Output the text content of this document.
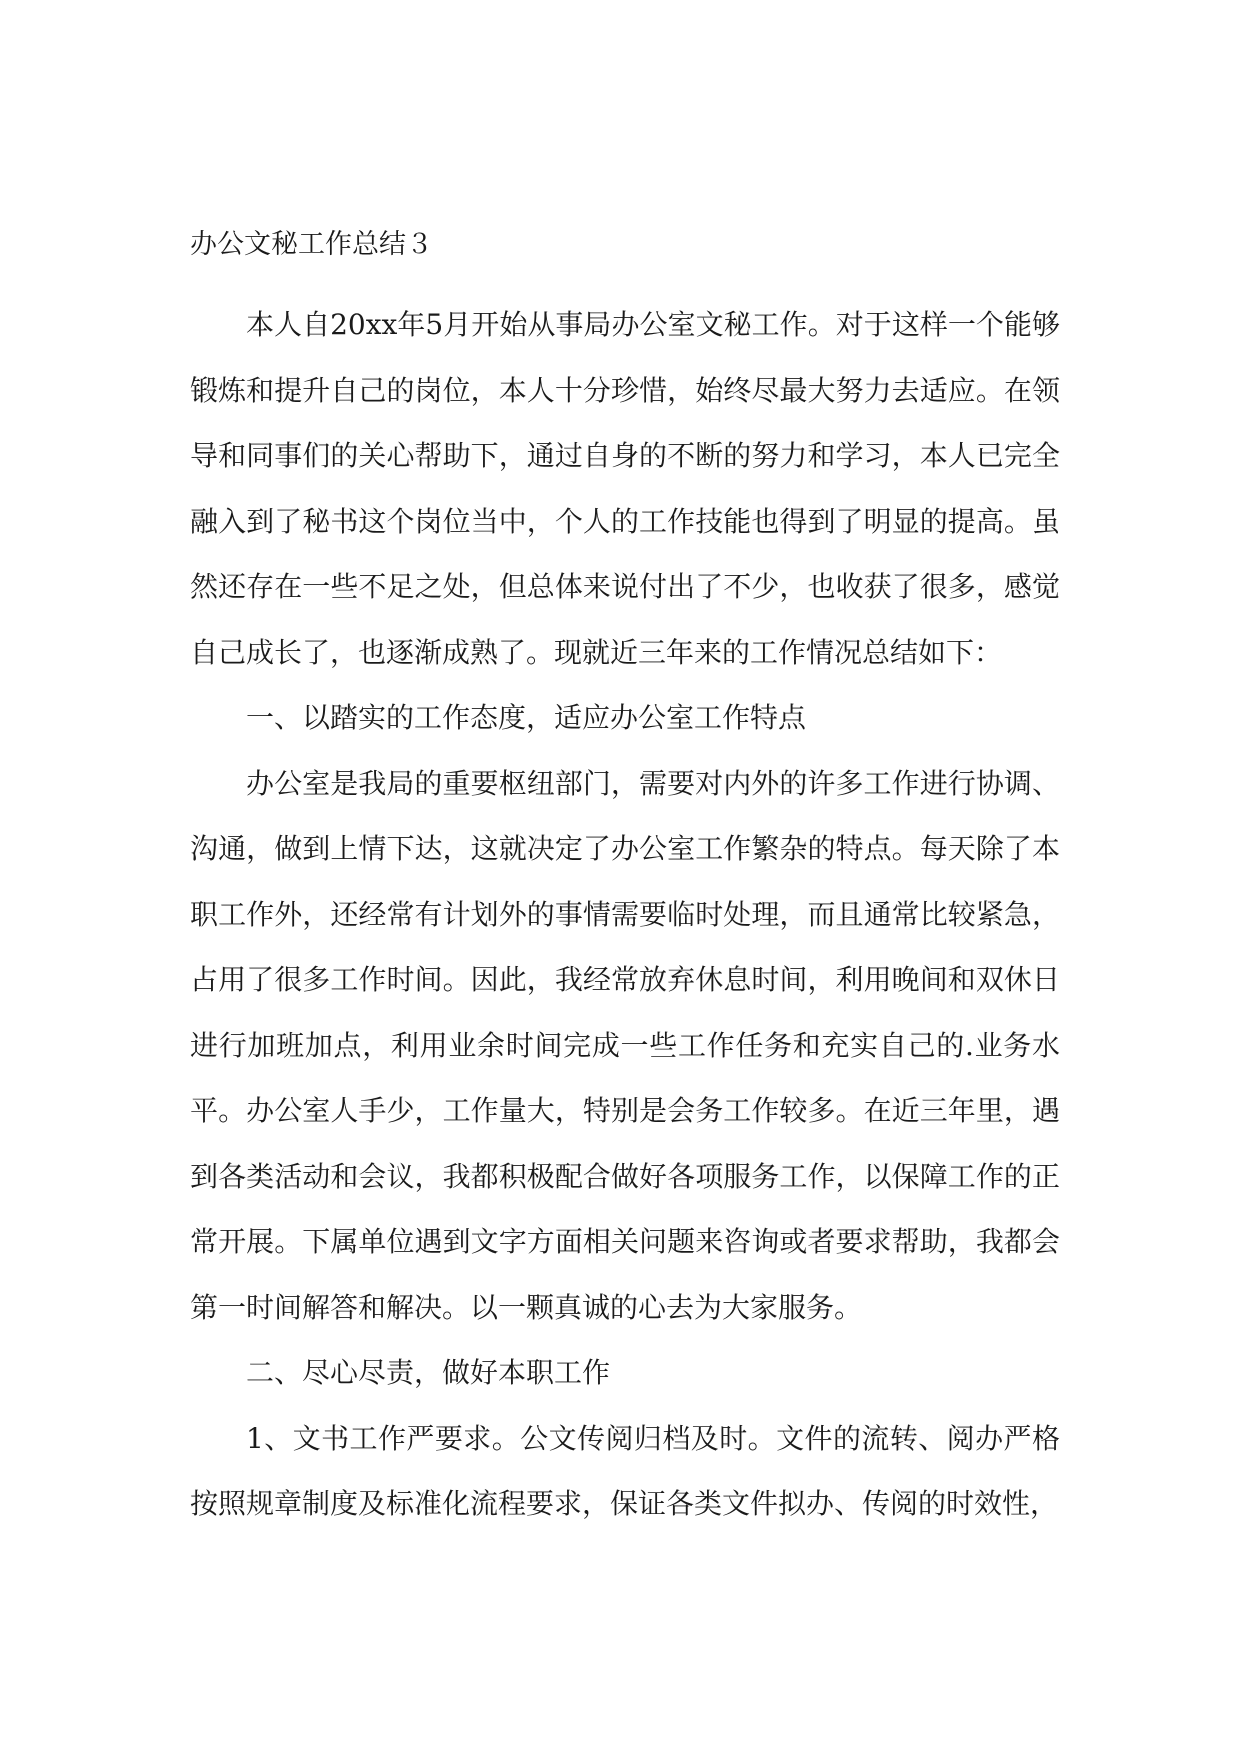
办公文秘工作总结３

本人自20xx年5月开始从事局办公室文秘工作。对于这样一个能够锻炼和提升自己的岗位，本人十分珍惜，始终尽最大努力去适应。在领导和同事们的关心帮助下，通过自身的不断的努力和学习，本人已完全融入到了秘书这个岗位当中，个人的工作技能也得到了明显的提高。虽然还存在一些不足之处，但总体来说付出了不少，也收获了很多，感觉自己成长了，也逐渐成熟了。现就近三年来的工作情况总结如下：

一、以踏实的工作态度，适应办公室工作特点

办公室是我局的重要枢纽部门，需要对内外的许多工作进行协调、沟通，做到上情下达，这就决定了办公室工作繁杂的特点。每天除了本职工作外，还经常有计划外的事情需要临时处理，而且通常比较紧急，占用了很多工作时间。因此，我经常放弃休息时间，利用晚间和双休日进行加班加点，利用业余时间完成一些工作任务和充实自己的.业务水平。办公室人手少，工作量大，特别是会务工作较多。在近三年里，遇到各类活动和会议，我都积极配合做好各项服务工作，以保障工作的正常开展。下属单位遇到文字方面相关问题来咨询或者要求帮助，我都会第一时间解答和解决。以一颗真诚的心去为大家服务。

二、尽心尽责，做好本职工作

1、文书工作严要求。公文传阅归档及时。文件的流转、阅办严格按照规章制度及标准化流程要求，保证各类文件拟办、传阅的时效性，
